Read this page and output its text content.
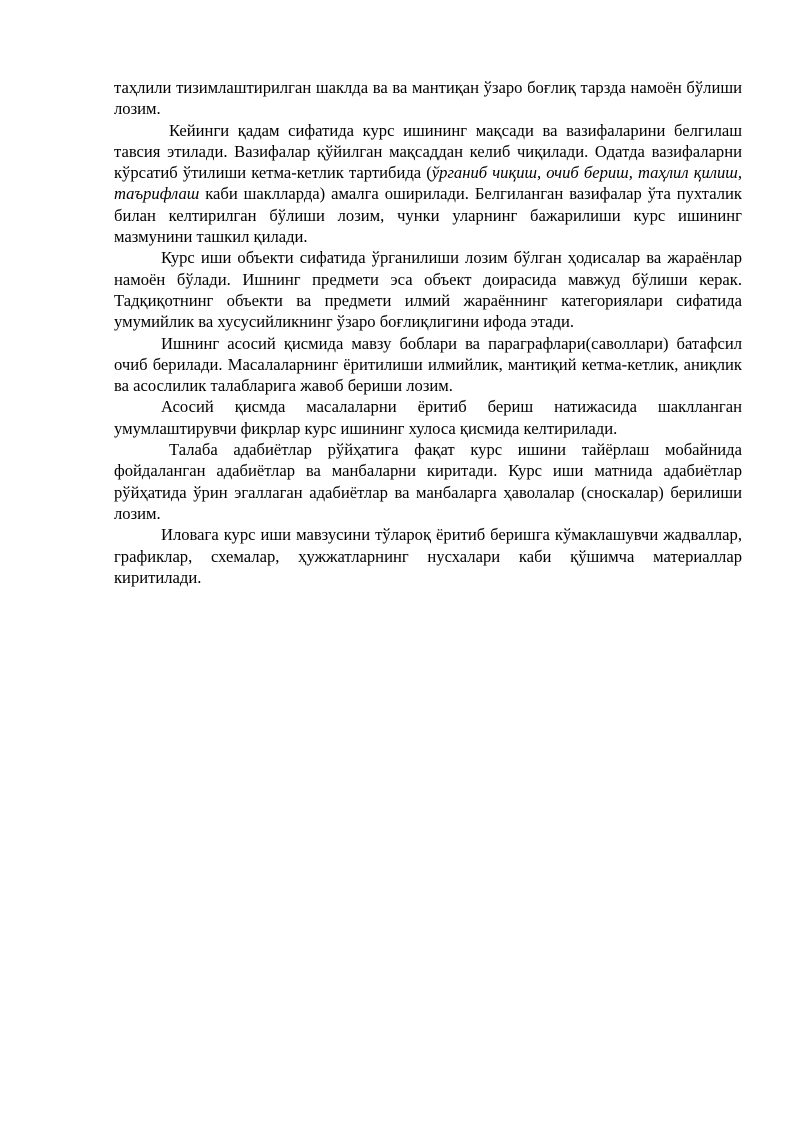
таҳлили тизимлаштирилган шаклда ва ва мантиқан ўзаро боғлиқ тарзда намоён бўлиши лозим.

Кейинги қадам сифатида курс ишининг мақсади ва вазифаларини белгилаш тавсия этилади. Вазифалар қўйилган мақсаддан келиб чиқилади. Одатда вазифаларни кўрсатиб ўтилиши кетма-кетлик тартибида (ўрганиб чиқиш, очиб бериш, таҳлил қилиш, таърифлаш каби шаклларда) амалга оширилади. Белгиланган вазифалар ўта пухталик билан келтирилган бўлиши лозим, чунки уларнинг бажарилиши курс ишининг мазмунини ташкил қилади.

Курс иши объекти сифатида ўрганилиши лозим бўлган ҳодисалар ва жараёнлар намоён бўлади. Ишнинг предмети эса объект доирасида мавжуд бўлиши керак. Тадқиқотнинг объекти ва предмети илмий жараённинг категориялари сифатида умумийлик ва хусусийликнинг ўзаро боғлиқлигини ифода этади.

Ишнинг асосий қисмида мавзу боблари ва параграфлари(саволлари) батафсил очиб берилади. Масалаларнинг ёритилиши илмийлик, мантиқий кетма-кетлик, аниқлик ва асослилик талабларига жавоб бериши лозим.

Асосий қисмда масалаларни ёритиб бериш натижасида шаклланган умумлаштирувчи фикрлар курс ишининг хулоса қисмида келтирилади.

Талаба адабиётлар рўйҳатига фақат курс ишини тайёрлаш мобайнида фойдаланган адабиётлар ва манбаларни киритади. Курс иши матнида адабиётлар рўйҳатида ўрин эгаллаган адабиётлар ва манбаларга ҳаволалар (сноскалар) берилиши лозим.

Иловага курс иши мавзусини тўлароқ ёритиб беришга кўмаклашувчи жадваллар, графиклар, схемалар, ҳужжатларнинг нусхалари каби қўшимча материаллар киритилади.
